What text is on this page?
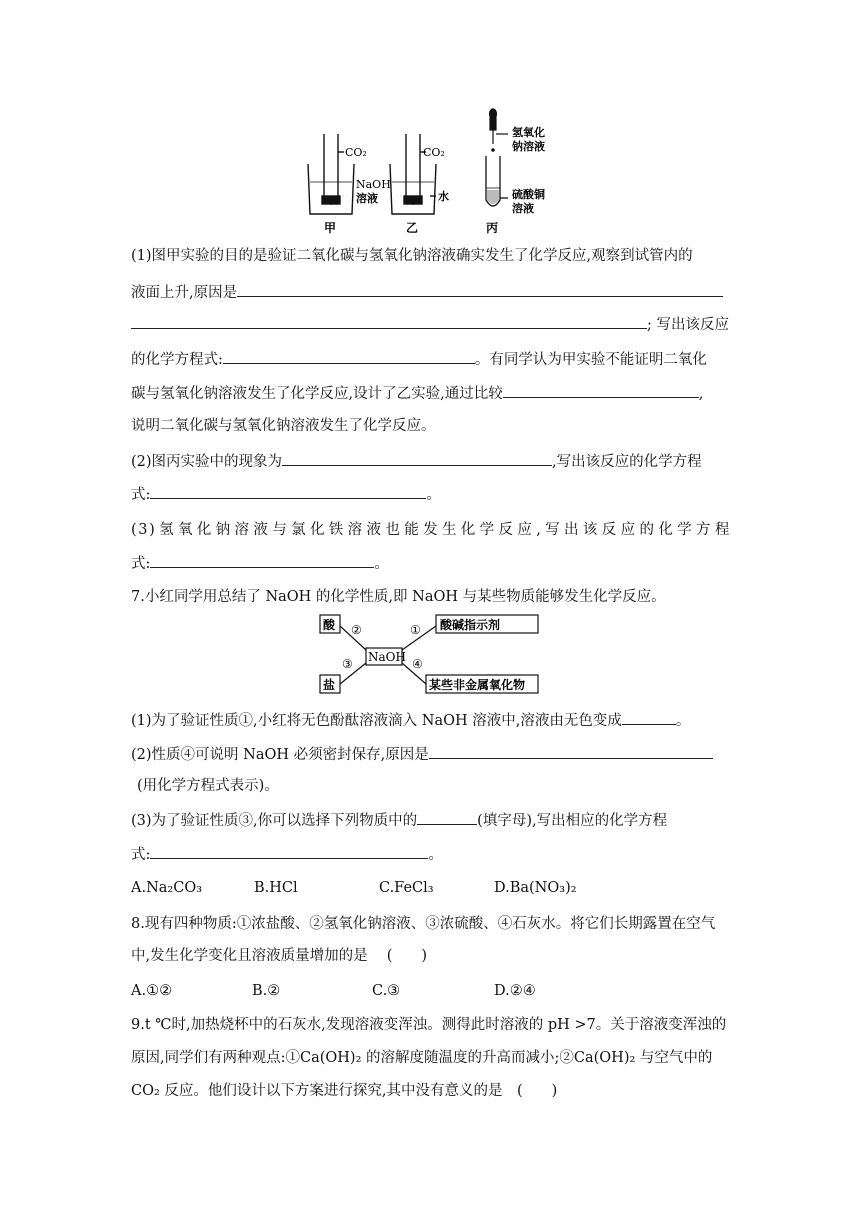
CO₂
NaOH
溶液
甲
CO₂
水
乙
氢氧化
钠溶液
硫酸铜
溶液
丙
(1)图甲实验的目的是验证二氧化碳与氢氧化钠溶液确实发生了化学反应,观察到试管内的
液面上升,原因是
; 写出该反应
的化学方程式:	。有同学认为甲实验不能证明二氧化
碳与氢氧化钠溶液发生了化学反应,设计了乙实验,通过比较	,
说明二氧化碳与氢氧化钠溶液发生了化学反应。
(2)图丙实验中的现象为	,写出该反应的化学方程
式:	。
(3)氢氧化钠溶液与氯化铁溶液也能发生化学反应,写出该反应的化学方程
式:	。
7.小红同学用总结了 NaOH 的化学性质,即 NaOH 与某些物质能够发生化学反应。
酸	酸碱指示剂
盐	某些非金属氧化物
NaOH
②	①
③	④
(1)为了验证性质①,小红将无色酚酞溶液滴入 NaOH 溶液中,溶液由无色变成	。
(2)性质④可说明 NaOH 必须密封保存,原因是
(用化学方程式表示)。
(3)为了验证性质③,你可以选择下列物质中的	(填字母),写出相应的化学方程
式:	。
A.Na₂CO₃	B.HCl	C.FeCl₃	D.Ba(NO₃)₂
8.现有四种物质:①浓盐酸、②氢氧化钠溶液、③浓硫酸、④石灰水。将它们长期露置在空气
中,发生化学变化且溶液质量增加的是　 (　　)
A.①②	B.②	C.③	D.②④
9.t ℃时,加热烧杯中的石灰水,发现溶液变浑浊。测得此时溶液的 pH >7。关于溶液变浑浊的
原因,同学们有两种观点:①Ca(OH)₂ 的溶解度随温度的升高而减小;②Ca(OH)₂ 与空气中的
CO₂ 反应。他们设计以下方案进行探究,其中没有意义的是　(　　)
